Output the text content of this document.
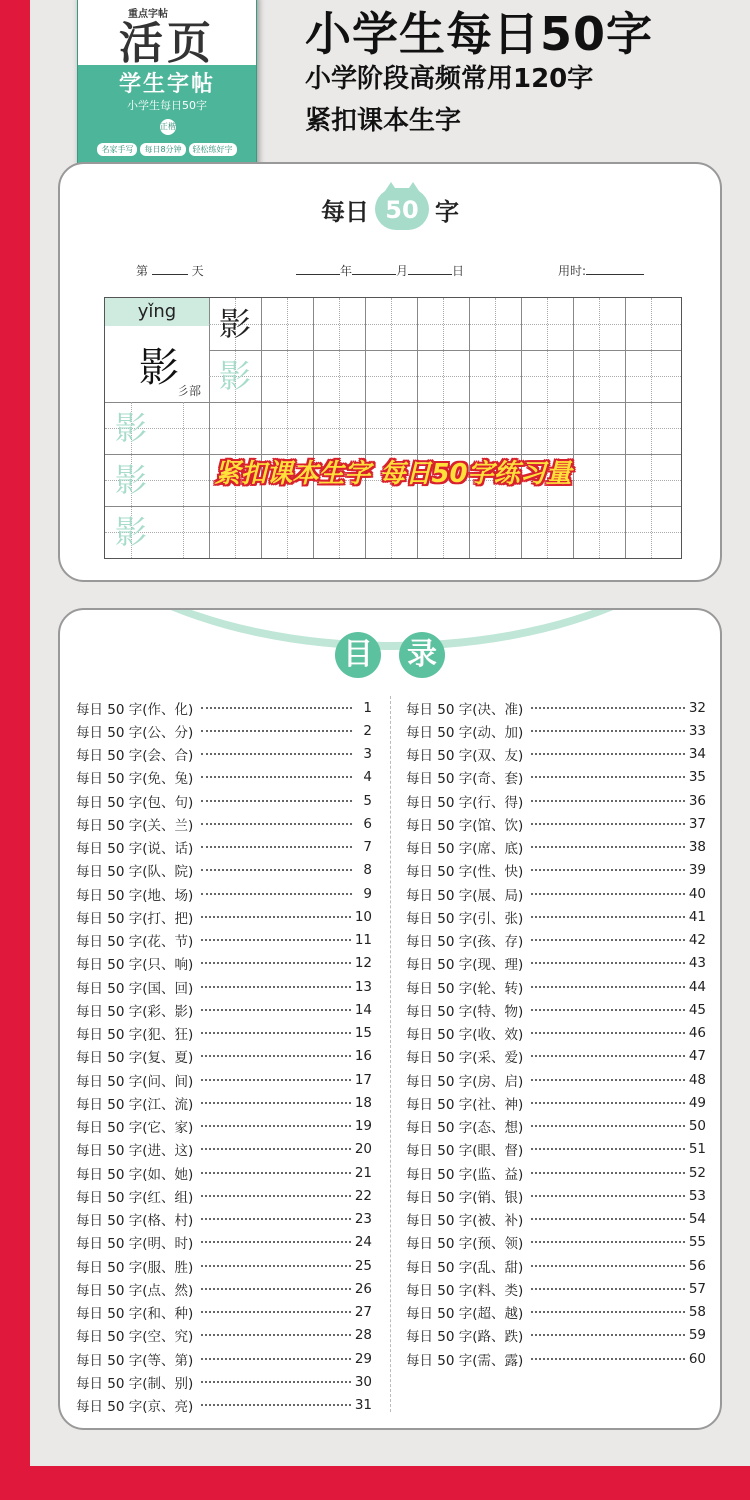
重点字帖
活页
学生字帖
小学生每日50字
正楷
名家手写	每日8分钟	轻松练好字
小学生每日50字
小学阶段高频常用120字
紧扣课本生字
每日 50 字
第	天	年	月	日	用时:
yǐng
影
彡部
影
影
影
影
影
紧扣课本生字 每日50字练习量
目 录
每日 50 字(作、化)	1
每日 50 字(公、分)	2
每日 50 字(会、合)	3
每日 50 字(免、兔)	4
每日 50 字(包、句)	5
每日 50 字(关、兰)	6
每日 50 字(说、话)	7
每日 50 字(队、院)	8
每日 50 字(地、场)	9
每日 50 字(打、把)	10
每日 50 字(花、节)	11
每日 50 字(只、响)	12
每日 50 字(国、回)	13
每日 50 字(彩、影)	14
每日 50 字(犯、狂)	15
每日 50 字(复、夏)	16
每日 50 字(问、间)	17
每日 50 字(江、流)	18
每日 50 字(它、家)	19
每日 50 字(进、这)	20
每日 50 字(如、她)	21
每日 50 字(红、组)	22
每日 50 字(格、村)	23
每日 50 字(明、时)	24
每日 50 字(服、胜)	25
每日 50 字(点、然)	26
每日 50 字(和、种)	27
每日 50 字(空、究)	28
每日 50 字(等、第)	29
每日 50 字(制、别)	30
每日 50 字(京、亮)	31
每日 50 字(决、准)	32
每日 50 字(动、加)	33
每日 50 字(双、友)	34
每日 50 字(奇、套)	35
每日 50 字(行、得)	36
每日 50 字(馆、饮)	37
每日 50 字(席、底)	38
每日 50 字(性、快)	39
每日 50 字(展、局)	40
每日 50 字(引、张)	41
每日 50 字(孩、存)	42
每日 50 字(现、理)	43
每日 50 字(轮、转)	44
每日 50 字(特、物)	45
每日 50 字(收、效)	46
每日 50 字(采、爱)	47
每日 50 字(房、启)	48
每日 50 字(社、神)	49
每日 50 字(态、想)	50
每日 50 字(眼、督)	51
每日 50 字(监、益)	52
每日 50 字(销、银)	53
每日 50 字(被、补)	54
每日 50 字(预、领)	55
每日 50 字(乱、甜)	56
每日 50 字(料、类)	57
每日 50 字(超、越)	58
每日 50 字(路、跌)	59
每日 50 字(需、露)	60
